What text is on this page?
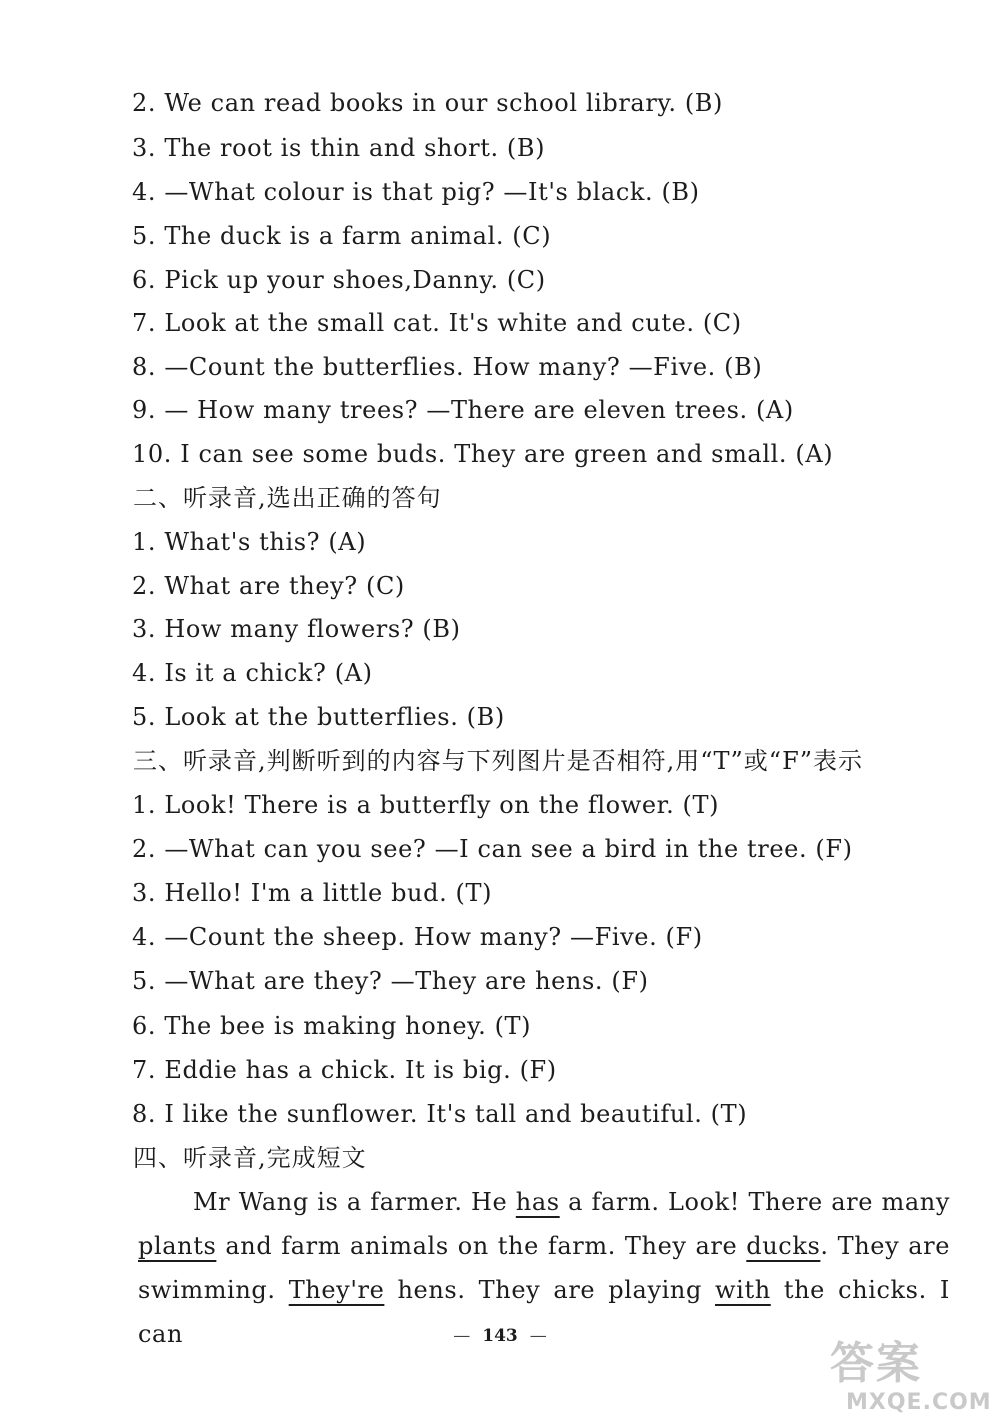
2. We can read books in our school library. (B)
3. The root is thin and short. (B)
4. —What colour is that pig? —It's black. (B)
5. The duck is a farm animal. (C)
6. Pick up your shoes,Danny. (C)
7. Look at the small cat. It's white and cute. (C)
8. —Count the butterflies. How many? —Five. (B)
9. — How many trees? —There are eleven trees. (A)
10. I can see some buds. They are green and small. (A)
二、听录音,选出正确的答句
1. What's this? (A)
2. What are they? (C)
3. How many flowers? (B)
4. Is it a chick? (A)
5. Look at the butterflies. (B)
三、听录音,判断听到的内容与下列图片是否相符,用“T”或“F”表示
1. Look! There is a butterfly on the flower. (T)
2. —What can you see? —I can see a bird in the tree. (F)
3. Hello! I'm a little bud. (T)
4. —Count the sheep. How many? —Five. (F)
5. —What are they? —They are hens. (F)
6. The bee is making honey. (T)
7. Eddie has a chick. It is big. (F)
8. I like the sunflower. It's tall and beautiful. (T)
四、听录音,完成短文
Mr Wang is a farmer. He has a farm. Look! There are many plants and farm animals on the farm. They are ducks. They are swimming. They're hens. They are playing with the chicks. I can	— 143 —
答案
MXQE.COM
